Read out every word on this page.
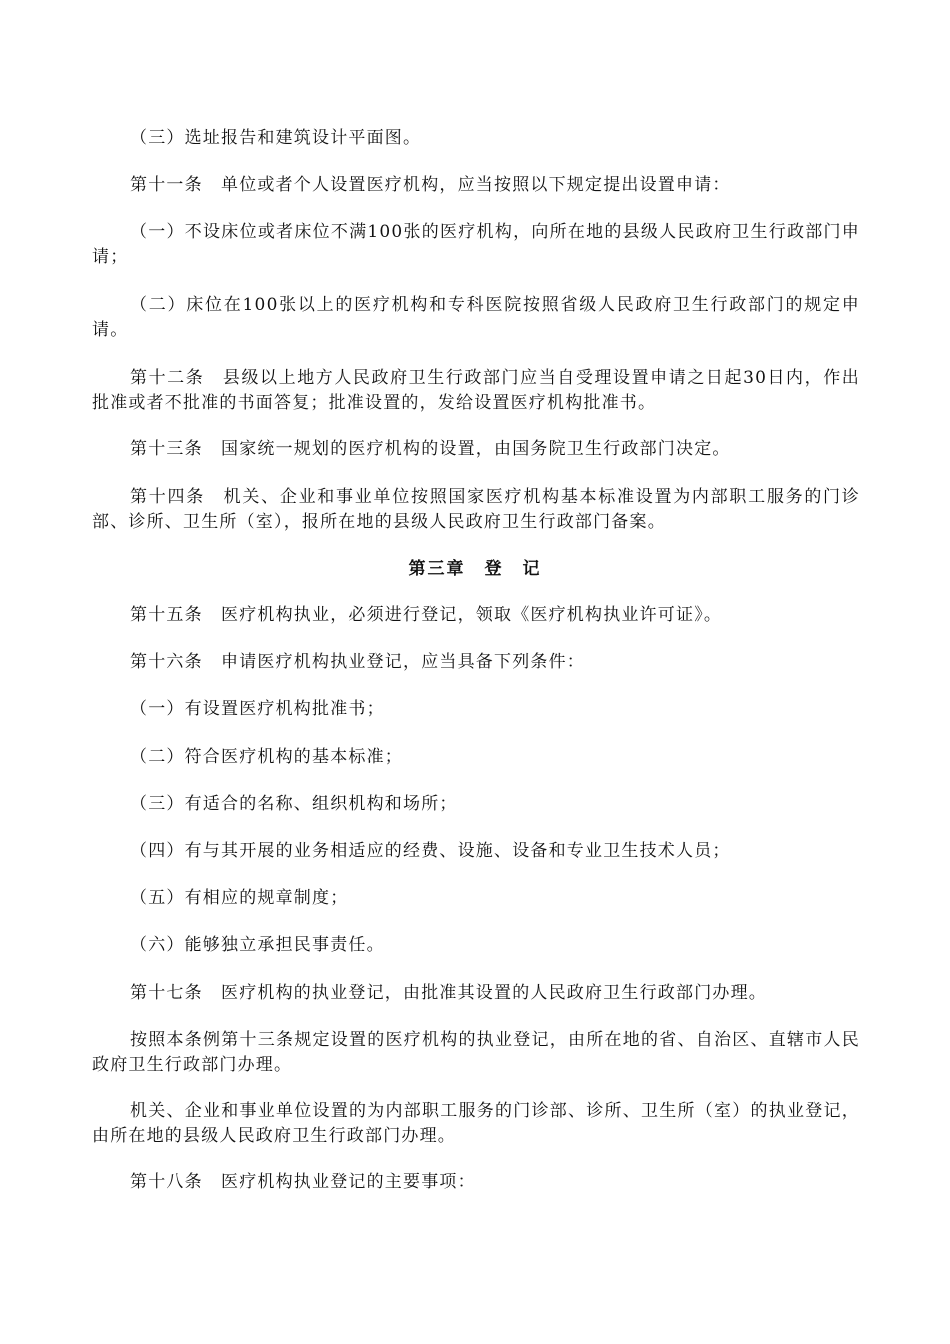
（三）选址报告和建筑设计平面图。

第十一条　单位或者个人设置医疗机构，应当按照以下规定提出设置申请：

（一）不设床位或者床位不满100张的医疗机构，向所在地的县级人民政府卫生行政部门申请；

（二）床位在100张以上的医疗机构和专科医院按照省级人民政府卫生行政部门的规定申请。

第十二条　县级以上地方人民政府卫生行政部门应当自受理设置申请之日起30日内，作出批准或者不批准的书面答复；批准设置的，发给设置医疗机构批准书。

第十三条　国家统一规划的医疗机构的设置，由国务院卫生行政部门决定。

第十四条　机关、企业和事业单位按照国家医疗机构基本标准设置为内部职工服务的门诊部、诊所、卫生所（室），报所在地的县级人民政府卫生行政部门备案。

第三章　登　记

第十五条　医疗机构执业，必须进行登记，领取《医疗机构执业许可证》。

第十六条　申请医疗机构执业登记，应当具备下列条件：

（一）有设置医疗机构批准书；

（二）符合医疗机构的基本标准；

（三）有适合的名称、组织机构和场所；

（四）有与其开展的业务相适应的经费、设施、设备和专业卫生技术人员；

（五）有相应的规章制度；

（六）能够独立承担民事责任。

第十七条　医疗机构的执业登记，由批准其设置的人民政府卫生行政部门办理。

按照本条例第十三条规定设置的医疗机构的执业登记，由所在地的省、自治区、直辖市人民政府卫生行政部门办理。

机关、企业和事业单位设置的为内部职工服务的门诊部、诊所、卫生所（室）的执业登记，由所在地的县级人民政府卫生行政部门办理。

第十八条　医疗机构执业登记的主要事项：
